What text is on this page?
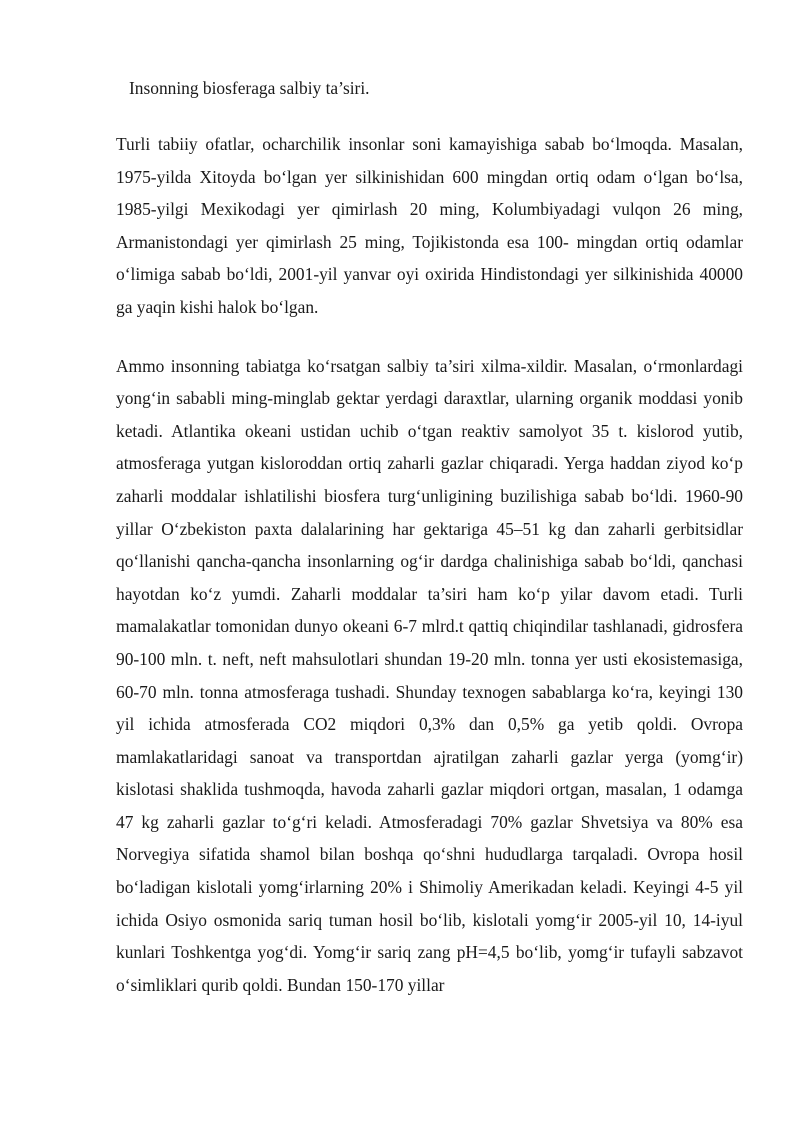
Insonning biosferaga salbiy ta’siri.

Turli tabiiy ofatlar, ocharchilik insonlar soni kamayishiga sabab bo‘lmoqda. Masalan, 1975-yilda Xitoyda bo‘lgan yer silkinishidan 600 mingdan ortiq odam o‘lgan bo‘lsa, 1985-yilgi Mexikodagi yer qimirlash 20 ming, Kolumbiyadagi vulqon 26 ming, Armanistondagi yer qimirlash 25 ming, Tojikistonda esa 100- mingdan ortiq odamlar o‘limiga sabab bo‘ldi, 2001-yil yanvar oyi oxirida Hindistondagi yer silkinishida 40000 ga yaqin kishi halok bo‘lgan.

Ammo insonning tabiatga ko‘rsatgan salbiy ta’siri xilma-xildir. Masalan, o‘rmonlardagi yong‘in sababli ming-minglab gektar yerdagi daraxtlar, ularning organik moddasi yonib ketadi. Atlantika okeani ustidan uchib o‘tgan reaktiv samolyot 35 t. kislorod yutib, atmosferaga yutgan kisloroddan ortiq zaharli gazlar chiqaradi. Yerga haddan ziyod ko‘p zaharli moddalar ishlatilishi biosfera turg‘unligining buzilishiga sabab bo‘ldi. 1960-90 yillar O‘zbekiston paxta dalalarining har gektariga 45–51 kg dan zaharli gerbitsidlar qo‘llanishi qancha-qancha insonlarning og‘ir dardga chalinishiga sabab bo‘ldi, qanchasi hayotdan ko‘z yumdi. Zaharli moddalar ta’siri ham ko‘p yilar davom etadi. Turli mamalakatlar tomonidan dunyo okeani 6-7 mlrd.t qattiq chiqindilar tashlanadi, gidrosfera 90-100 mln. t. neft, neft mahsulotlari shundan 19-20 mln. tonna yer usti ekosistemasiga, 60-70 mln. tonna atmosferaga tushadi. Shunday texnogen sabablarga ko‘ra, keyingi 130 yil ichida atmosferada CO2 miqdori 0,3% dan 0,5% ga yetib qoldi. Ovropa mamlakatlaridagi sanoat va transportdan ajratilgan zaharli gazlar yerga (yomg‘ir) kislotasi shaklida tushmoqda, havoda zaharli gazlar miqdori ortgan, masalan, 1 odamga 47 kg zaharli gazlar to‘g‘ri keladi. Atmosferadagi 70% gazlar Shvetsiya va 80% esa Norvegiya sifatida shamol bilan boshqa qo‘shni hududlarga tarqaladi. Ovropa hosil bo‘ladigan kislotali yomg‘irlarning 20% i Shimoliy Amerikadan keladi. Keyingi 4-5 yil ichida Osiyo osmonida sariq tuman hosil bo‘lib, kislotali yomg‘ir 2005-yil 10, 14-iyul kunlari Toshkentga yog‘di. Yomg‘ir sariq zang pH=4,5 bo‘lib, yomg‘ir tufayli sabzavot o‘simliklari qurib qoldi. Bundan 150-170 yillar
